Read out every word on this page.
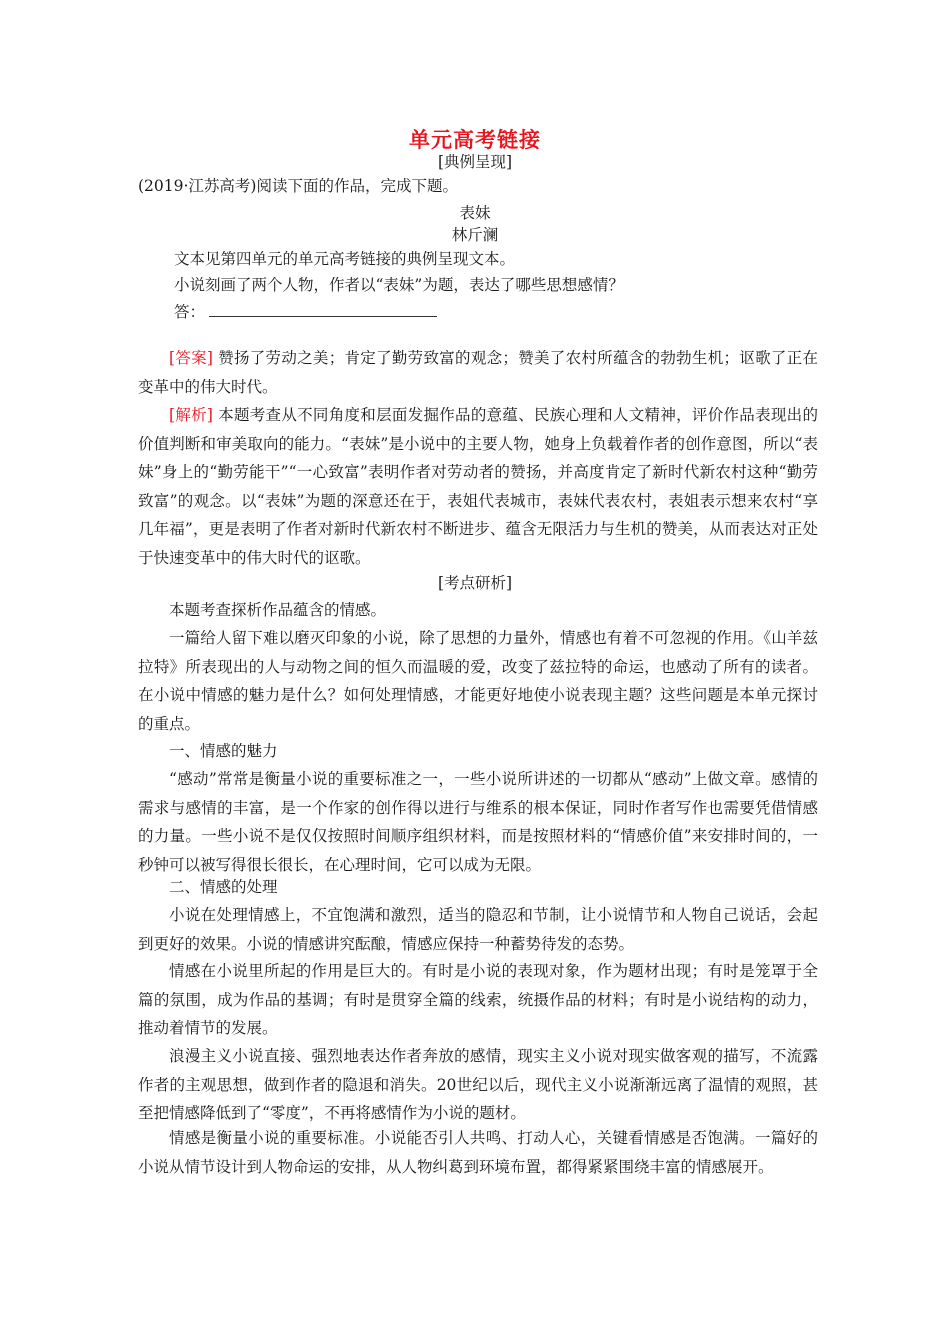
单元高考链接
[典例呈现]
(2019·江苏高考)阅读下面的作品，完成下题。
表妹
林斤澜
文本见第四单元的单元高考链接的典例呈现文本。
小说刻画了两个人物，作者以“表妹”为题，表达了哪些思想感情？
答：
[答案] 赞扬了劳动之美；肯定了勤劳致富的观念；赞美了农村所蕴含的勃勃生机；讴歌了正在变革中的伟大时代。
[解析] 本题考查从不同角度和层面发掘作品的意蕴、民族心理和人文精神，评价作品表现出的价值判断和审美取向的能力。“表妹”是小说中的主要人物，她身上负载着作者的创作意图，所以“表妹”身上的“勤劳能干”“一心致富”表明作者对劳动者的赞扬，并高度肯定了新时代新农村这种“勤劳致富”的观念。以“表妹”为题的深意还在于，表姐代表城市，表妹代表农村，表姐表示想来农村“享几年福”，更是表明了作者对新时代新农村不断进步、蕴含无限活力与生机的赞美，从而表达对正处于快速变革中的伟大时代的讴歌。
[考点研析]
本题考查探析作品蕴含的情感。
一篇给人留下难以磨灭印象的小说，除了思想的力量外，情感也有着不可忽视的作用。《山羊兹拉特》所表现出的人与动物之间的恒久而温暖的爱，改变了兹拉特的命运，也感动了所有的读者。在小说中情感的魅力是什么？如何处理情感，才能更好地使小说表现主题？这些问题是本单元探讨的重点。
一、情感的魅力
“感动”常常是衡量小说的重要标准之一，一些小说所讲述的一切都从“感动”上做文章。感情的需求与感情的丰富，是一个作家的创作得以进行与维系的根本保证，同时作者写作也需要凭借情感的力量。一些小说不是仅仅按照时间顺序组织材料，而是按照材料的“情感价值”来安排时间的，一秒钟可以被写得很长很长，在心理时间，它可以成为无限。
二、情感的处理
小说在处理情感上，不宜饱满和激烈，适当的隐忍和节制，让小说情节和人物自己说话，会起到更好的效果。小说的情感讲究酝酿，情感应保持一种蓄势待发的态势。
情感在小说里所起的作用是巨大的。有时是小说的表现对象，作为题材出现；有时是笼罩于全篇的氛围，成为作品的基调；有时是贯穿全篇的线索，统摄作品的材料；有时是小说结构的动力，推动着情节的发展。
浪漫主义小说直接、强烈地表达作者奔放的感情，现实主义小说对现实做客观的描写，不流露作者的主观思想，做到作者的隐退和消失。20世纪以后，现代主义小说渐渐远离了温情的观照，甚至把情感降低到了“零度”，不再将感情作为小说的题材。
情感是衡量小说的重要标准。小说能否引人共鸣、打动人心，关键看情感是否饱满。一篇好的小说从情节设计到人物命运的安排，从人物纠葛到环境布置，都得紧紧围绕丰富的情感展开。
